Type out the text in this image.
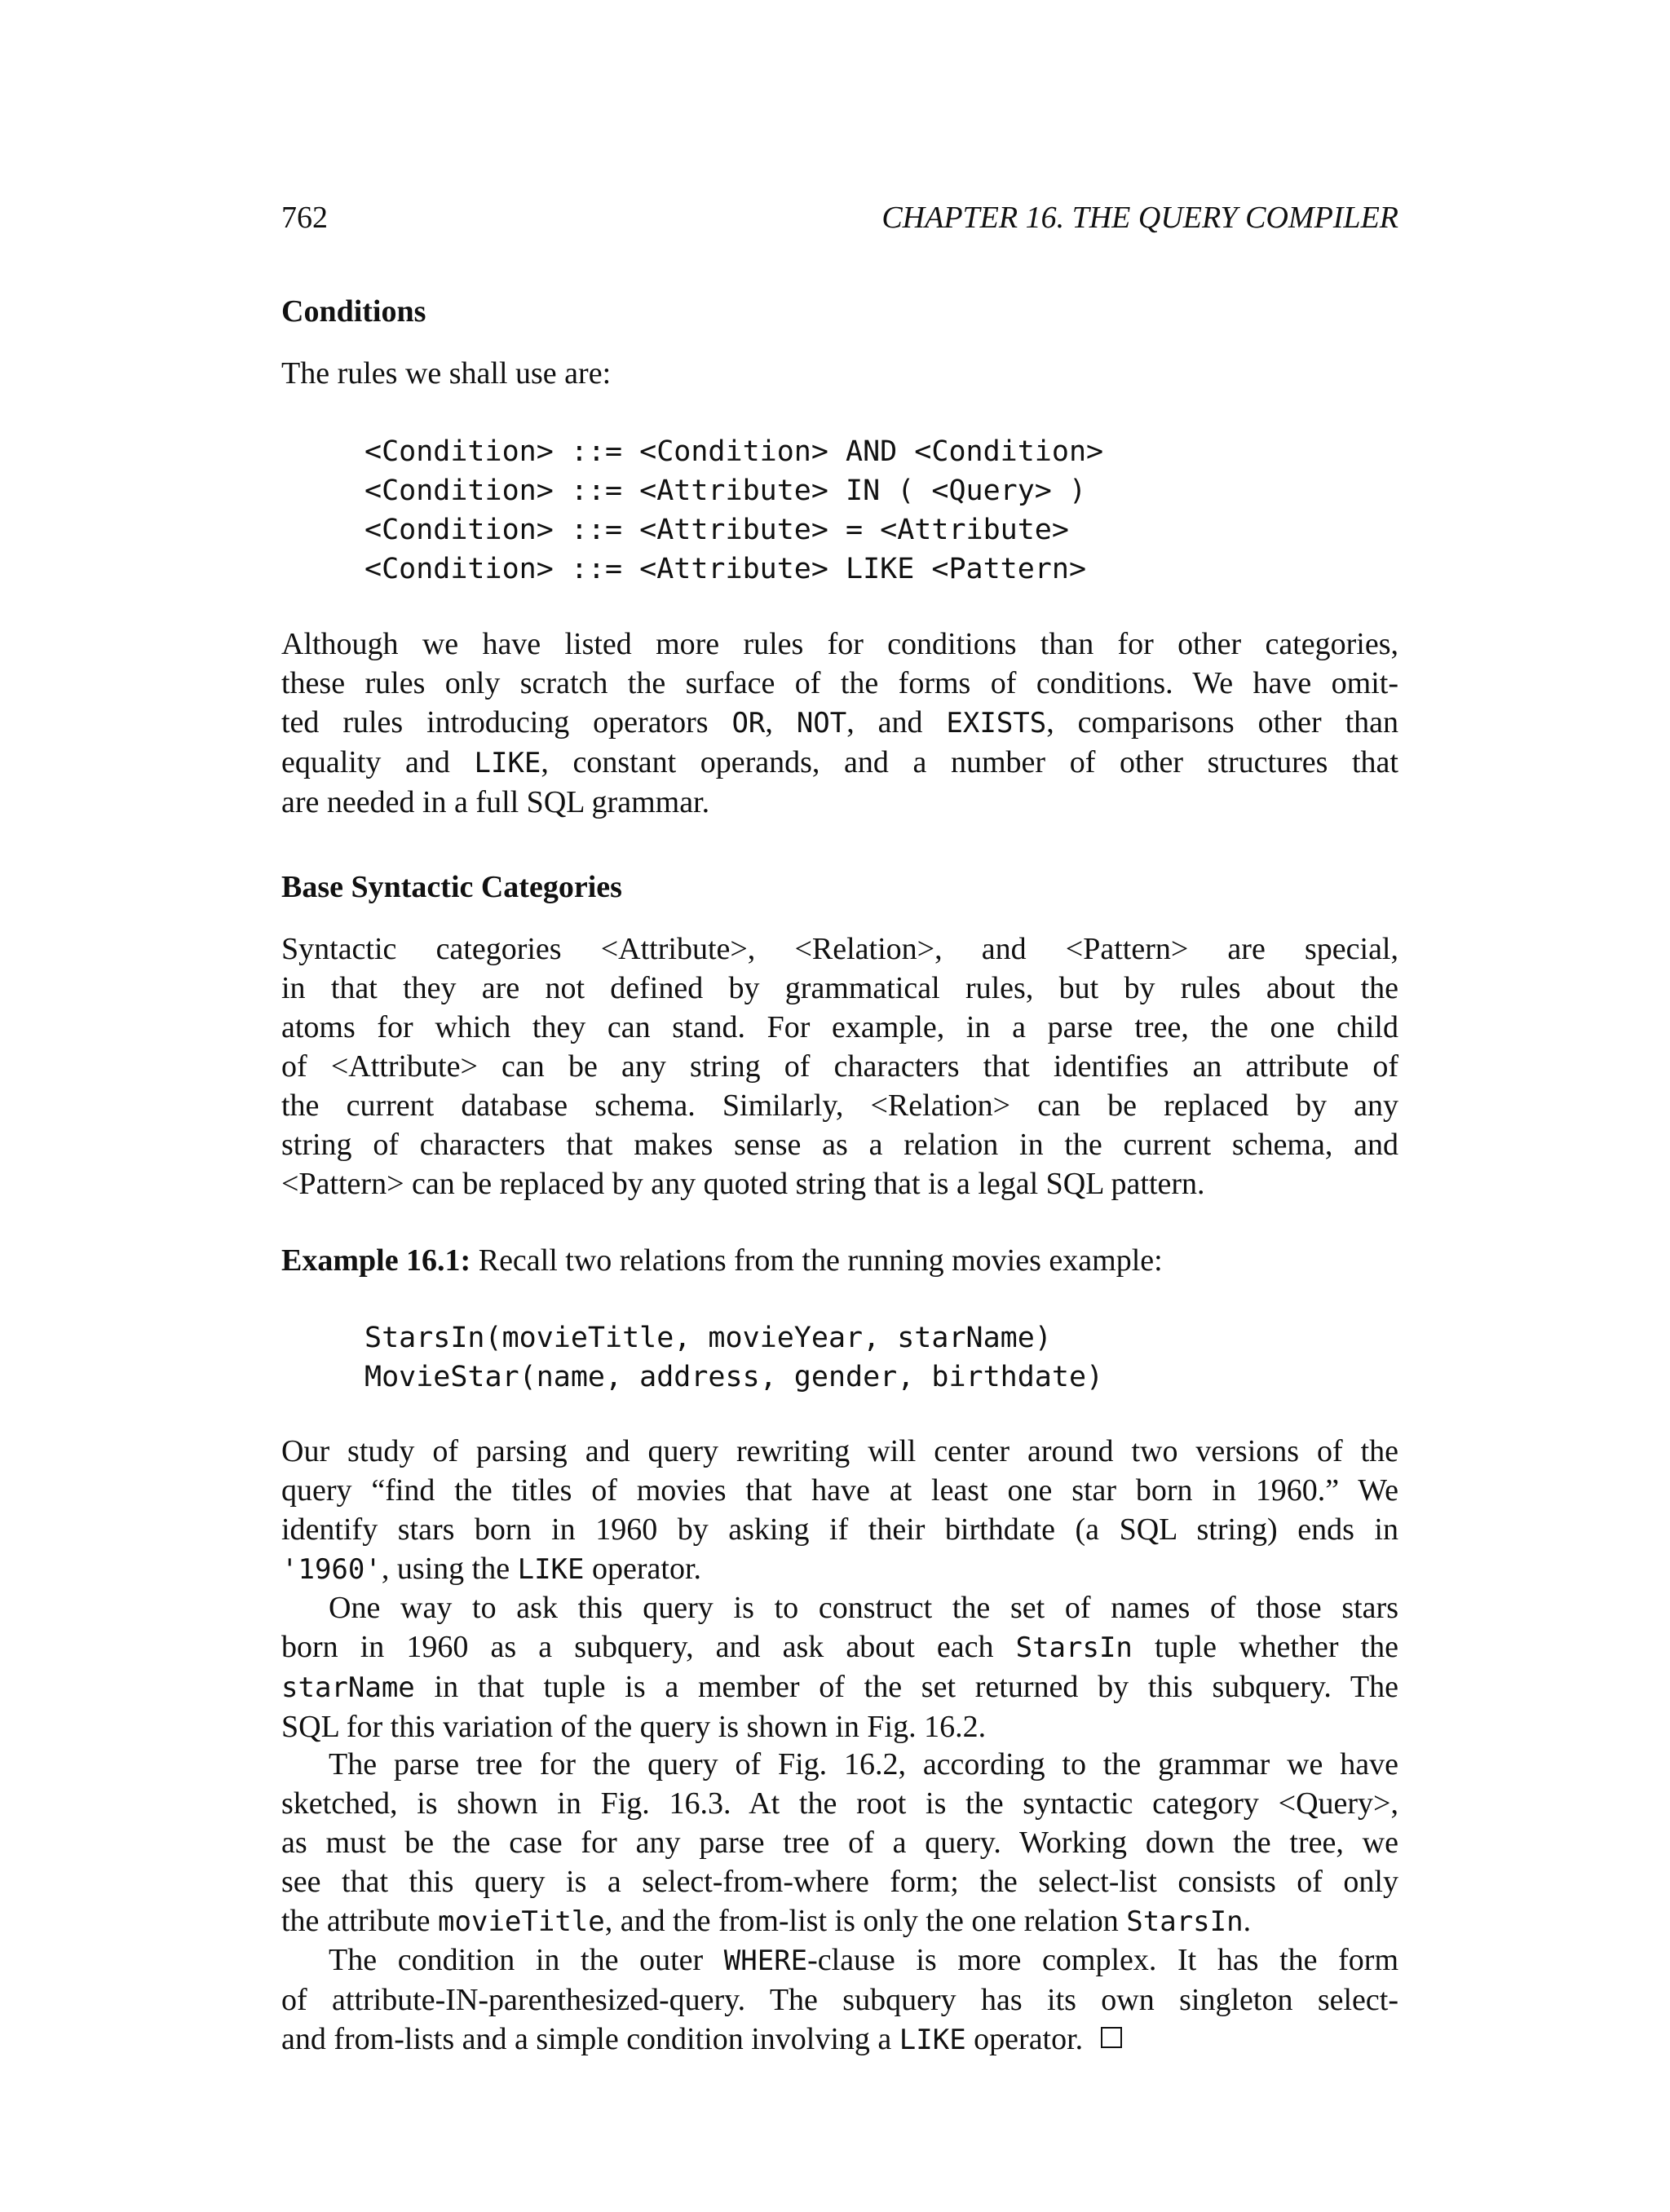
762	CHAPTER 16. THE QUERY COMPILER
Conditions
The rules we shall use are:
<Condition> ::= <Condition> AND <Condition>
<Condition> ::= <Attribute> IN ( <Query> )
<Condition> ::= <Attribute> = <Attribute>
<Condition> ::= <Attribute> LIKE <Pattern>
Although we have listed more rules for conditions than for other categories,
these rules only scratch the surface of the forms of conditions. We have omit-
ted rules introducing operators OR, NOT, and EXISTS, comparisons other than
equality and LIKE, constant operands, and a number of other structures that
are needed in a full SQL grammar.
Base Syntactic Categories
Syntactic categories <Attribute>, <Relation>, and <Pattern> are special,
in that they are not defined by grammatical rules, but by rules about the
atoms for which they can stand. For example, in a parse tree, the one child
of <Attribute> can be any string of characters that identifies an attribute of
the current database schema. Similarly, <Relation> can be replaced by any
string of characters that makes sense as a relation in the current schema, and
<Pattern> can be replaced by any quoted string that is a legal SQL pattern.
Example 16.1: Recall two relations from the running movies example:
StarsIn(movieTitle, movieYear, starName)
MovieStar(name, address, gender, birthdate)
Our study of parsing and query rewriting will center around two versions of the
query “find the titles of movies that have at least one star born in 1960.” We
identify stars born in 1960 by asking if their birthdate (a SQL string) ends in
'1960', using the LIKE operator.
One way to ask this query is to construct the set of names of those stars
born in 1960 as a subquery, and ask about each StarsIn tuple whether the
starName in that tuple is a member of the set returned by this subquery. The
SQL for this variation of the query is shown in Fig. 16.2.
The parse tree for the query of Fig. 16.2, according to the grammar we have
sketched, is shown in Fig. 16.3. At the root is the syntactic category <Query>,
as must be the case for any parse tree of a query. Working down the tree, we
see that this query is a select-from-where form; the select-list consists of only
the attribute movieTitle, and the from-list is only the one relation StarsIn.
The condition in the outer WHERE-clause is more complex. It has the form
of attribute-IN-parenthesized-query. The subquery has its own singleton select-
and from-lists and a simple condition involving a LIKE operator.
